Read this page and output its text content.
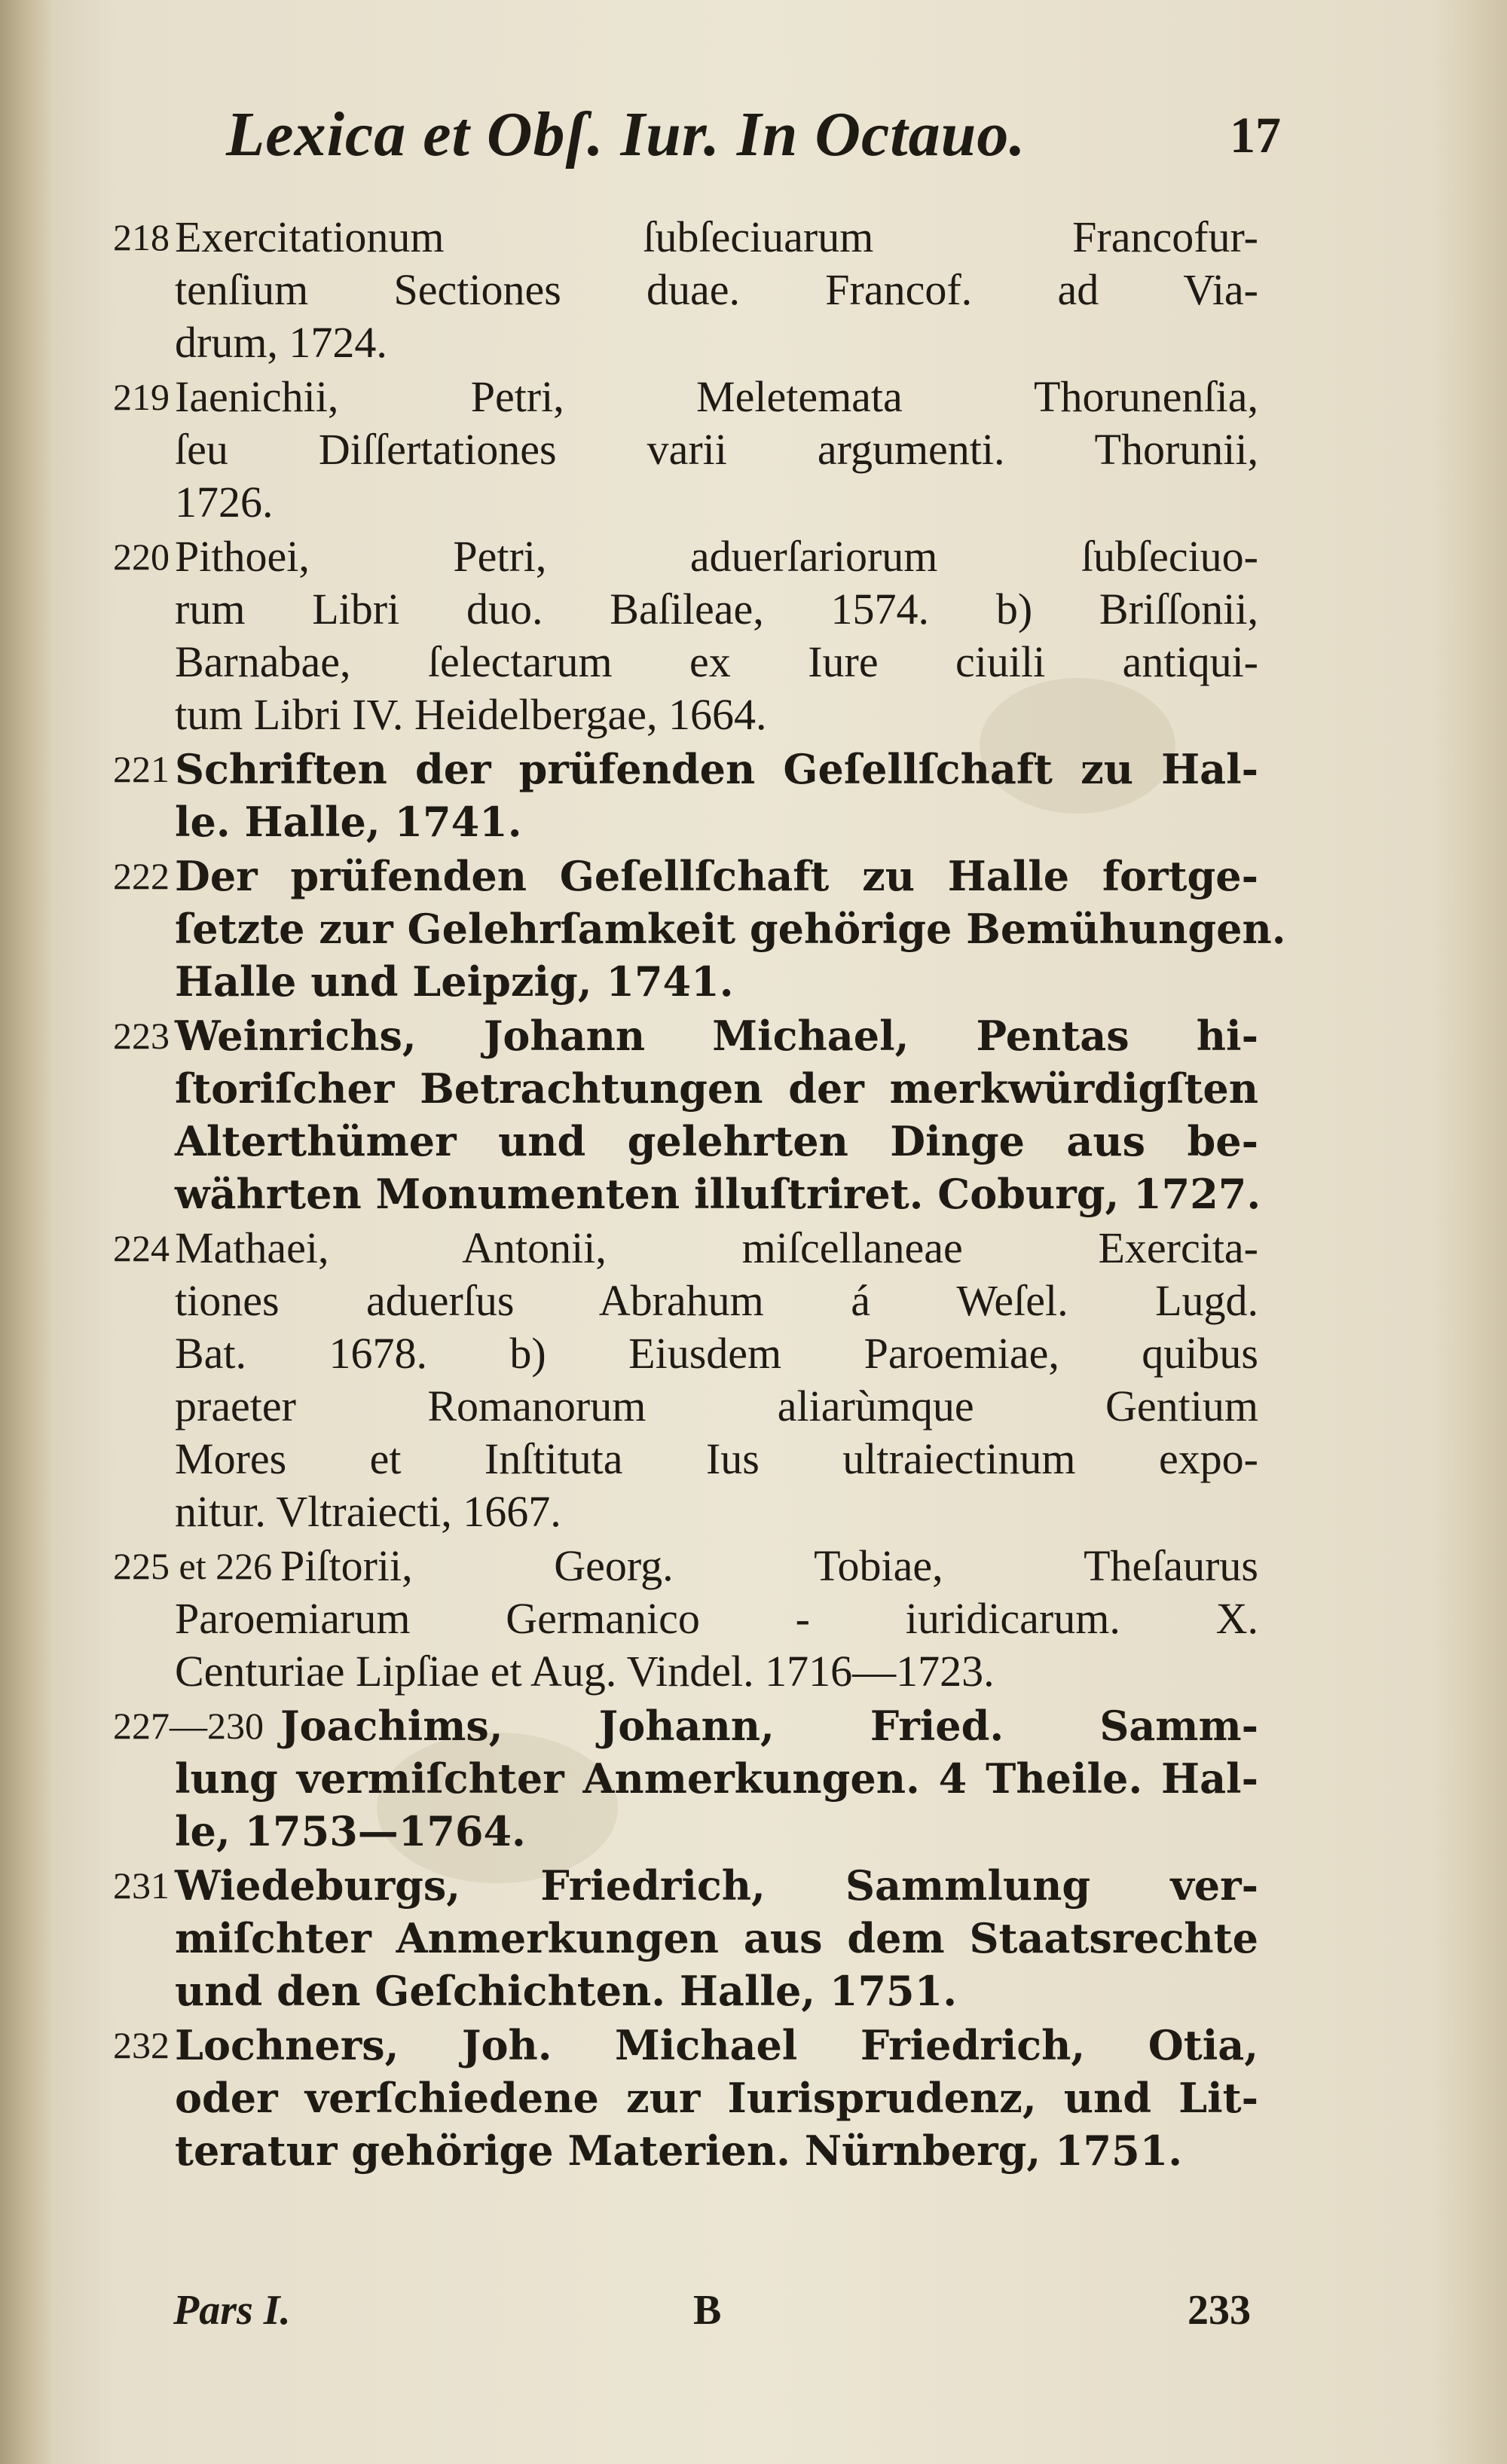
Lexica et Obſ. Iur. In Octauo.	17
218 Exercitationum ſubſeciuarum Francofur-
tenſium Sectiones duae. Francof. ad Via-
drum, 1724.
219 Iaenichii, Petri, Meletemata Thorunenſia,
ſeu Diſſertationes varii argumenti. Thorunii,
1726.
220 Pithoei, Petri, aduerſariorum ſubſeciuo-
rum Libri duo. Baſileae, 1574. b) Briſſonii,
Barnabae, ſelectarum ex Iure ciuili antiqui-
tum Libri IV. Heidelbergae, 1664.
221 Schriften der prüfenden Geſellſchaft zu Hal-
le. Halle, 1741.
222 Der prüfenden Geſellſchaft zu Halle fortge-
ſetzte zur Gelehrſamkeit gehörige Bemühungen.
Halle und Leipzig, 1741.
223 Weinrichs, Johann Michael, Pentas hi-
ſtoriſcher Betrachtungen der merkwürdigſten
Alterthümer und gelehrten Dinge aus be-
währten Monumenten illuſtriret. Coburg, 1727.
224 Mathaei, Antonii, miſcellaneae Exercita-
tiones aduerſus Abrahum á Weſel. Lugd.
Bat. 1678. b) Eiusdem Paroemiae, quibus
praeter Romanorum aliarùmque Gentium
Mores et Inſtituta Ius ultraiectinum expo-
nitur. Vltraiecti, 1667.
225 et 226 Piſtorii, Georg. Tobiae, Theſaurus
Paroemiarum Germanico - iuridicarum. X.
Centuriae Lipſiae et Aug. Vindel. 1716—1723.
227—230 Joachims, Johann, Fried. Samm-
lung vermiſchter Anmerkungen. 4 Theile. Hal-
le, 1753—1764.
231 Wiedeburgs, Friedrich, Sammlung ver-
miſchter Anmerkungen aus dem Staatsrechte
und den Geſchichten. Halle, 1751.
232 Lochners, Joh. Michael Friedrich, Otia,
oder verſchiedene zur Iurisprudenz, und Lit-
teratur gehörige Materien. Nürnberg, 1751.
Pars I.	B	233
